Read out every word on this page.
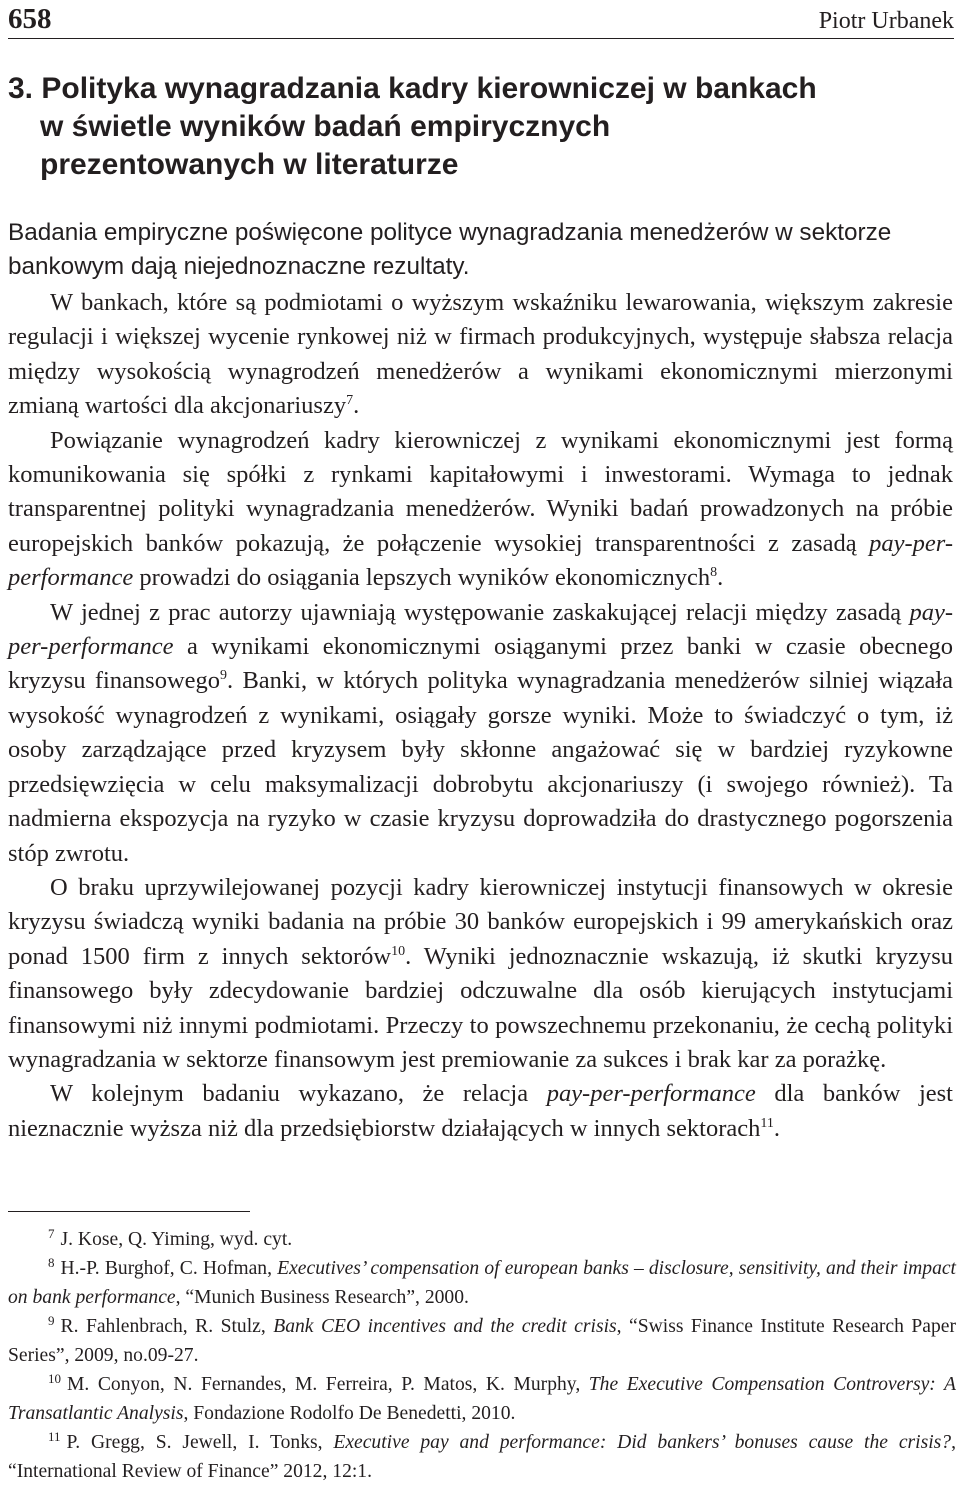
658	Piotr Urbanek
3. Polityka wynagradzania kadry kierowniczej w bankach
w świetle wyników badań empirycznych
prezentowanych w literaturze

Badania empiryczne poświęcone polityce wynagradzania menedżerów w sektorze bankowym dają niejednoznaczne rezultaty.

W bankach, które są podmiotami o wyższym wskaźniku lewarowania, większym zakresie regulacji i większej wycenie rynkowej niż w firmach produkcyjnych, występuje słabsza relacja między wysokością wynagrodzeń menedżerów a wynikami ekonomicznymi mierzonymi zmianą wartości dla akcjonariuszy$^7$.

Powiązanie wynagrodzeń kadry kierowniczej z wynikami ekonomicznymi jest formą komunikowania się spółki z rynkami kapitałowymi i inwestorami. Wymaga to jednak transparentnej polityki wynagradzania menedżerów. Wyniki badań prowadzonych na próbie europejskich banków pokazują, że połączenie wysokiej transparentności z zasadą pay-per-performance prowadzi do osiągania lepszych wyników ekonomicznych$^8$.

W jednej z prac autorzy ujawniają występowanie zaskakującej relacji między zasadą pay-per-performance a wynikami ekonomicznymi osiąganymi przez banki w czasie obecnego kryzysu finansowego$^9$. Banki, w których polityka wynagradzania menedżerów silniej wiązała wysokość wynagrodzeń z wynikami, osiągały gorsze wyniki. Może to świadczyć o tym, iż osoby zarządzające przed kryzysem były skłonne angażować się w bardziej ryzykowne przedsięwzięcia w celu maksymalizacji dobrobytu akcjonariuszy (i swojego również). Ta nadmierna ekspozycja na ryzyko w czasie kryzysu doprowadziła do drastycznego pogorszenia stóp zwrotu.

O braku uprzywilejowanej pozycji kadry kierowniczej instytucji finansowych w okresie kryzysu świadczą wyniki badania na próbie 30 banków europejskich i 99 amerykańskich oraz ponad 1500 firm z innych sektorów$^{10}$. Wyniki jednoznacznie wskazują, iż skutki kryzysu finansowego były zdecydowanie bardziej odczuwalne dla osób kierujących instytucjami finansowymi niż innymi podmiotami. Przeczy to powszechnemu przekonaniu, że cechą polityki wynagradzania w sektorze finansowym jest premiowanie za sukces i brak kar za porażkę.

W kolejnym badaniu wykazano, że relacja pay-per-performance dla banków jest nieznacznie wyższa niż dla przedsiębiorstw działających w innych sektorach$^{11}$.

$^7$ J. Kose, Q. Yiming, wyd. cyt.

$^8$ H.-P. Burghof, C. Hofman, Executives’ compensation of european banks – disclosure, sensitivity, and their impact on bank performance, “Munich Business Research”, 2000.

$^9$ R. Fahlenbrach, R. Stulz, Bank CEO incentives and the credit crisis, “Swiss Finance Institute Research Paper Series”, 2009, no.09-27.

$^{10}$ M. Conyon, N. Fernandes, M. Ferreira, P. Matos, K. Murphy, The Executive Compensation Controversy: A Transatlantic Analysis, Fondazione Rodolfo De Benedetti, 2010.

$^{11}$ P. Gregg, S. Jewell, I. Tonks, Executive pay and performance: Did bankers’ bonuses cause the crisis?, “International Review of Finance” 2012, 12:1.
